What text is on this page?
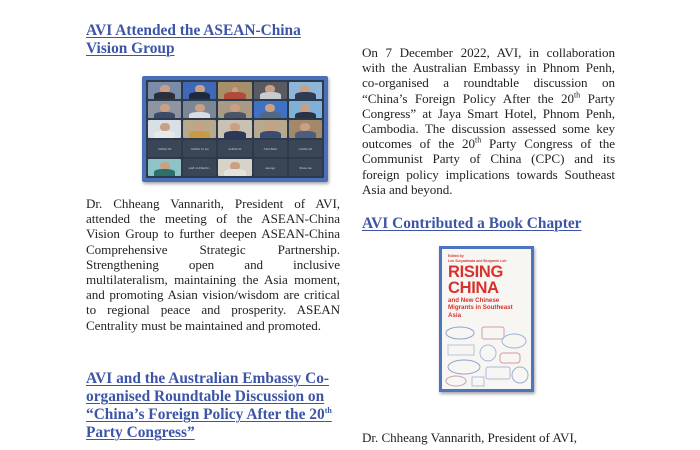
AVI Attended the ASEAN-China Vision Group
CHINA 03	CHINA 11 Ge	CHINA 01	ASU BAR	CHINA 02
staff of ASEAN...	stenogr	Shaw Ha

Dr. Chheang Vannarith, President of AVI, attended the meeting of the ASEAN-China Vision Group to further deepen ASEAN-China Comprehensive Strategic Partnership. Strengthening open and inclusive multilateralism, maintaining the Asia moment, and promoting Asian vision/wisdom are critical to regional peace and prosperity. ASEAN Centrality must be maintained and promoted.

AVI and the Australian Embassy Co-organised Roundtable Discussion on “China’s Foreign Policy After the 20th Party Congress”

On 7 December 2022, AVI, in collaboration with the Australian Embassy in Phnom Penh, co-organised a roundtable discussion on “China’s Foreign Policy After the 20th Party Congress” at Jaya Smart Hotel, Phnom Penh, Cambodia. The discussion assessed some key outcomes of the 20th Party Congress of the Communist Party of China (CPC) and its foreign policy implications towards Southeast Asia and beyond.

AVI Contributed a Book Chapter

Dr. Chheang Vannarith, President of AVI,

Edited by
Leo Suryadinata and Benjamin Loh
RISING
CHINA
and New Chinese Migrants in Southeast Asia
